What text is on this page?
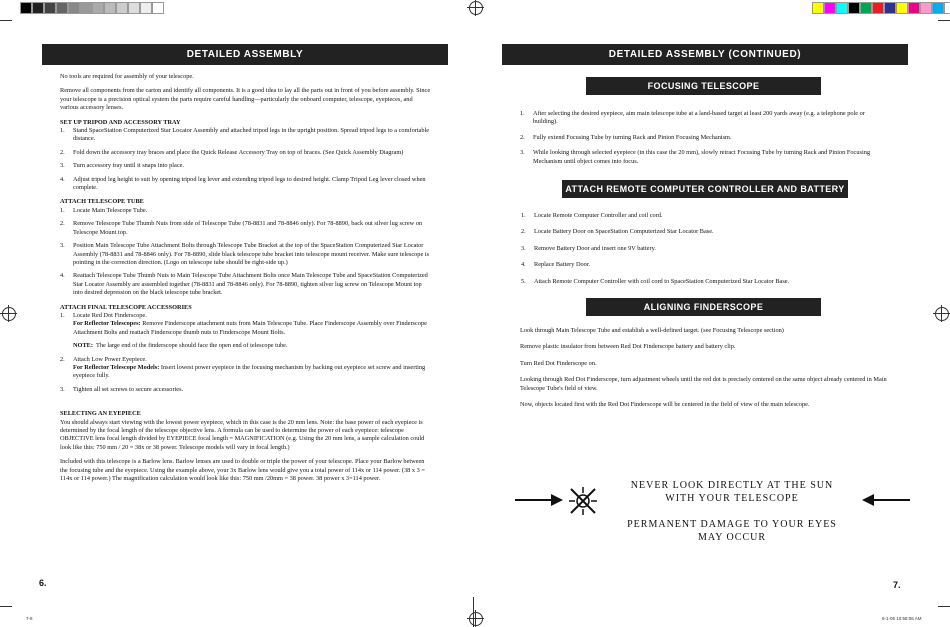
DETAILED ASSEMBLY

No tools are required for assembly of your telescope.

Remove all components from the carton and identify all components. It is a good idea to lay all the parts out in front of you before assembly. Since your telescope is a precision optical system the parts require careful handling—particularly the onboard computer, telescope, eyepieces, and various accessory lenses.

SET UP TRIPOD AND ACCESSORY TRAY

1.	Stand SpaceStation Computerized Star Locator Assembly and attached tripod legs in the upright position. Spread tripod legs to a comfortable distance.
2.	Fold down the accessory tray braces and place the Quick Release Accessory Tray on top of braces. (See Quick Assembly Diagram)
3.	Turn accessory tray until it snaps into place.
4.	Adjust tripod leg height to suit by opening tripod leg lever and extending tripod legs to desired height. Clamp Tripod Leg lever closed when complete.

ATTACH TELESCOPE TUBE

1.	Locate Main Telescope Tube.
2.	Remove Telescope Tube Thumb Nuts from side of Telescope Tube (78-8831 and 78-8846 only). For 78-8890, back out silver lug screw on Telescope Mount top.
3.	Position Main Telescope Tube Attachment Bolts through Telescope Tube Bracket at the top of the SpaceStation Computerized Star Locator Assembly (78-8831 and 78-8846 only). For 78-8890, slide black telescope tube bracket into telescope mount receiver. Make sure telescope is pointing in the correction direction. (Logo on telescope tube should be right-side up.)
4.	Reattach Telescope Tube Thumb Nuts to Main Telescope Tube Attachment Bolts once Main Telescope Tube and SpaceStation Computerized Star Locator Assembly are assembled together (78-8831 and 78-8846 only). For 78-8890, tighten silver lug screw on Telescope Mount top into desired depression on the black telescope tube bracket.

ATTACH FINAL TELESCOPE ACCESSORIES

1.	Locate Red Dot Finderscope.
For Reflector Telescopes: Remove Finderscope attachment nuts from Main Telescope Tube. Place Finderscope Assembly over Finderscope Attachment Bolts and reattach Finderscope thumb nuts to Finderscope Mount Bolts.

NOTE: The large end of the finderscope should face the open end of telescope tube.
2.	Attach Low Power Eyepiece.
For Reflector Telescope Models: Insert lowest power eyepiece in the focusing mechanism by backing out eyepiece set screw and inserting eyepiece fully.
3.	Tighten all set screws to secure accessories.

SELECTING AN EYEPIECE

You should always start viewing with the lowest power eyepiece, which in this case is the 20 mm lens. Note: the base power of each eyepiece is determined by the focal length of the telescope objective lens. A formula can be used to determine the power of each eyepiece: telescope OBJECTIVE lens focal length divided by EYEPIECE focal length = MAGNIFICATION (e.g. Using the 20 mm lens, a sample calculation could look like this: 750 mm / 20 = 38x or 38 power. Telescope models will vary in focal length.)

Included with this telescope is a Barlow lens. Barlow lenses are used to double or triple the power of your telescope. Place your Barlow between the focusing tube and the eyepiece. Using the example above, your 3x Barlow lens would give you a total power of 114x or 114 power. (38 x 3 = 114x or 114 power.) The magnification calculation would look like this: 750 mm /20mm = 38 power. 38 power x 3=114 power.

6.
7-8
DETAILED ASSEMBLY (CONTINUED)
FOCUSING TELESCOPE
1.	After selecting the desired eyepiece, aim main telescope tube at a land-based target at least 200 yards away (e.g. a telephone pole or building).
2.	Fully extend Focusing Tube by turning Rack and Pinion Focusing Mechanism.
3.	While looking through selected eyepiece (in this case the 20 mm), slowly retract Focusing Tube by turning Rack and Pinion Focusing Mechanism until object comes into focus.
ATTACH REMOTE COMPUTER CONTROLLER AND BATTERY
1.	Locate Remote Computer Controller and coil cord.
2.	Locate Battery Door on SpaceStation Computerized Star Locator Base.
3.	Remove Battery Door and insert one 9V battery.
4.	Replace Battery Door.
5.	Attach Remote Computer Controller with coil cord to SpaceStation Computerized Star Locator Base.
ALIGNING FINDERSCOPE

Look through Main Telescope Tube and establish a well-defined target. (see Focusing Telescope section)

Remove plastic insulator from between Red Dot Finderscope battery and battery clip.

Turn Red Dot Finderscope on.

Looking through Red Dot Finderscope, turn adjustment wheels until the red dot is precisely centered on the same object already centered in Main Telescope Tube's field of view.

Now, objects located first with the Red Dot Finderscope will be centered in the field of view of the main telescope.

NEVER LOOK DIRECTLY AT THE SUN
WITH YOUR TELESCOPE
PERMANENT DAMAGE TO YOUR EYES
MAY OCCUR
7.
6-1-05 10:58:06 AM
